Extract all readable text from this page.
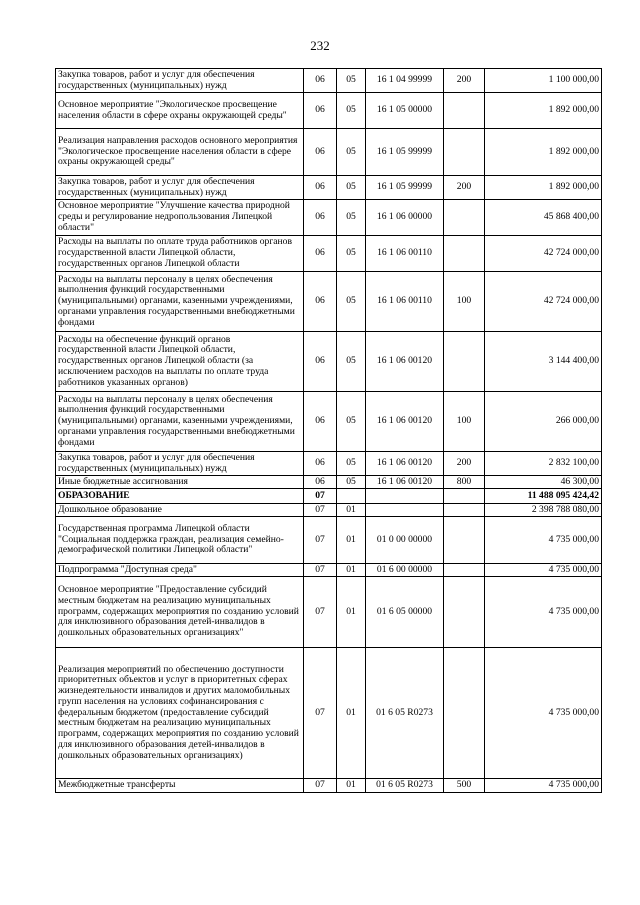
232
Закупка товаров, работ и услуг для обеспечения государственных (муниципальных) нужд	06	05	16 1 04 99999	200	1 100 000,00
Основное мероприятие "Экологическое просвещение населения области в сфере охраны окружающей среды"	06	05	16 1 05 00000		1 892 000,00
Реализация направления расходов основного мероприятия "Экологическое просвещение населения области в сфере охраны окружающей среды"	06	05	16 1 05 99999		1 892 000,00
Закупка товаров, работ и услуг для обеспечения государственных (муниципальных) нужд	06	05	16 1 05 99999	200	1 892 000,00
Основное мероприятие "Улучшение качества природной среды и регулирование недропользования Липецкой области"	06	05	16 1 06 00000		45 868 400,00
Расходы на выплаты по оплате труда работников органов государственной власти Липецкой области, государственных органов Липецкой области	06	05	16 1 06 00110		42 724 000,00
Расходы на выплаты персоналу в целях обеспечения выполнения функций государственными (муниципальными) органами, казенными учреждениями, органами управления государственными внебюджетными фондами	06	05	16 1 06 00110	100	42 724 000,00
Расходы на обеспечение функций органов государственной власти Липецкой области, государственных органов Липецкой области (за исключением расходов на выплаты по оплате труда работников указанных органов)	06	05	16 1 06 00120		3 144 400,00
Расходы на выплаты персоналу в целях обеспечения выполнения функций государственными (муниципальными) органами, казенными учреждениями, органами управления государственными внебюджетными фондами	06	05	16 1 06 00120	100	266 000,00
Закупка товаров, работ и услуг для обеспечения государственных (муниципальных) нужд	06	05	16 1 06 00120	200	2 832 100,00
Иные бюджетные ассигнования	06	05	16 1 06 00120	800	46 300,00
ОБРАЗОВАНИЕ	07				11 488 095 424,42
Дошкольное образование	07	01			2 398 788 080,00
Государственная программа Липецкой области "Социальная поддержка граждан, реализация семейно-демографической политики Липецкой области"	07	01	01 0 00 00000		4 735 000,00
Подпрограмма "Доступная среда"	07	01	01 6 00 00000		4 735 000,00
Основное мероприятие "Предоставление субсидий местным бюджетам на реализацию муниципальных программ, содержащих мероприятия по созданию условий для инклюзивного образования детей-инвалидов в дошкольных образовательных организациях"	07	01	01 6 05 00000		4 735 000,00
Реализация мероприятий по обеспечению доступности приоритетных объектов и услуг в приоритетных сферах жизнедеятельности инвалидов и других маломобильных групп населения на условиях софинансирования с федеральным бюджетом (предоставление субсидий местным бюджетам на реализацию муниципальных программ, содержащих мероприятия по созданию условий для инклюзивного образования детей-инвалидов в дошкольных образовательных организациях)	07	01	01 6 05 R0273		4 735 000,00
Межбюджетные трансферты	07	01	01 6 05 R0273	500	4 735 000,00
